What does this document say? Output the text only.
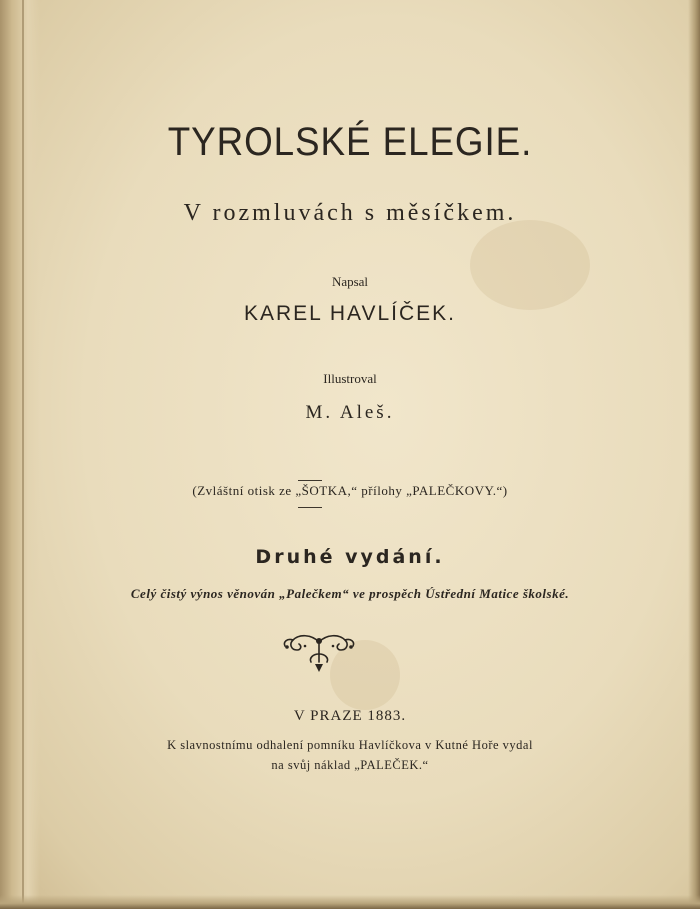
TYROLSKÉ ELEGIE.
V rozmluvách s měsíčkem.
Napsal
KAREL HAVLÍČEK.
Illustroval
M. Aleš.
(Zvláštní otisk ze „ŠOTKA,“ přílohy „PALEČKOVY.“)
Druhé vydání.
Celý čistý výnos věnován „Palečkem“ ve prospěch Ústřední Matice školské.
V PRAZE 1883.
K slavnostnímu odhalení pomníku Havlíčkova v Kutné Hoře vydal
na svůj náklad „PALEČEK.“
